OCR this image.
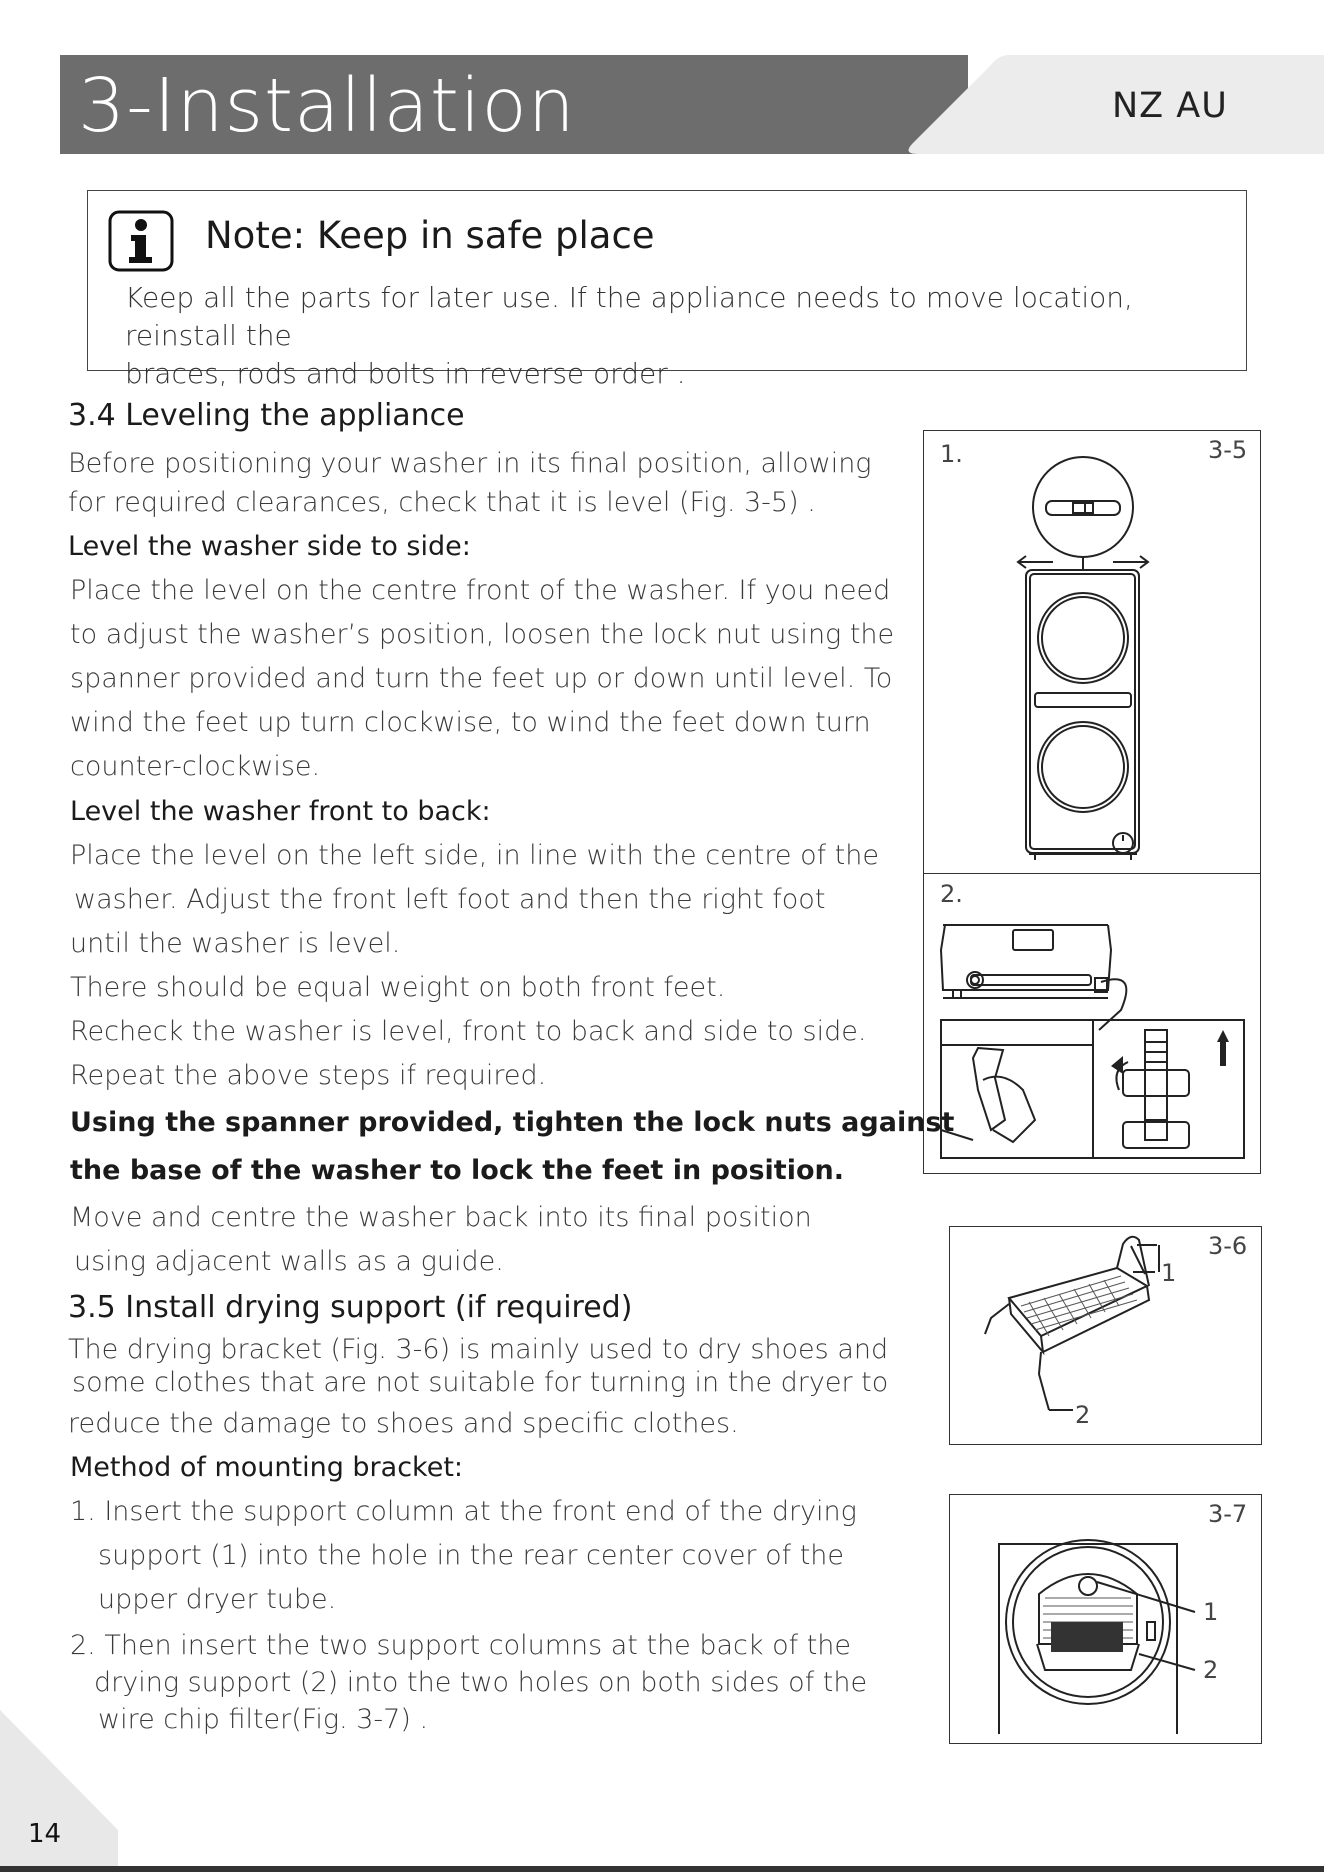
3-Installation	NZ AU
Note: Keep in safe place
Keep all the parts for later use. If the appliance needs to move location, reinstall the
braces, rods and bolts in reverse order .
3.4 Leveling the appliance
Before positioning your washer in its final position, allowing
for required clearances, check that it is level (Fig. 3-5) .
Level the washer side to side:
Place the level on the centre front of the washer. If you need
to adjust the washer’s position, loosen the lock nut using the
spanner provided and turn the feet up or down until level. To
wind the feet up turn clockwise, to wind the feet down turn
counter-clockwise.
Level the washer front to back:
Place the level on the left side, in line with the centre of the
washer. Adjust the front left foot and then the right foot
until the washer is level.
There should be equal weight on both front feet.
Recheck the washer is level, front to back and side to side.
Repeat the above steps if required.
Using the spanner provided, tighten the lock nuts against
the base of the washer to lock the feet in position.
Move and centre the washer back into its final position
using adjacent walls as a guide.
3.5 Install drying support (if required)
The drying bracket (Fig. 3-6) is mainly used to dry shoes and
some clothes that are not suitable for turning in the dryer to
reduce the damage to shoes and specific clothes.
Method of mounting bracket:
1. Insert the support column at the front end of the drying
support (1) into the hole in the rear center cover of the
upper dryer tube.
2. Then insert the two support columns at the back of the
drying support (2) into the two holes on both sides of the
wire chip filter(Fig. 3-7) .
1.	3-5
2.
3-6
1
2
3-7
1
2
14
